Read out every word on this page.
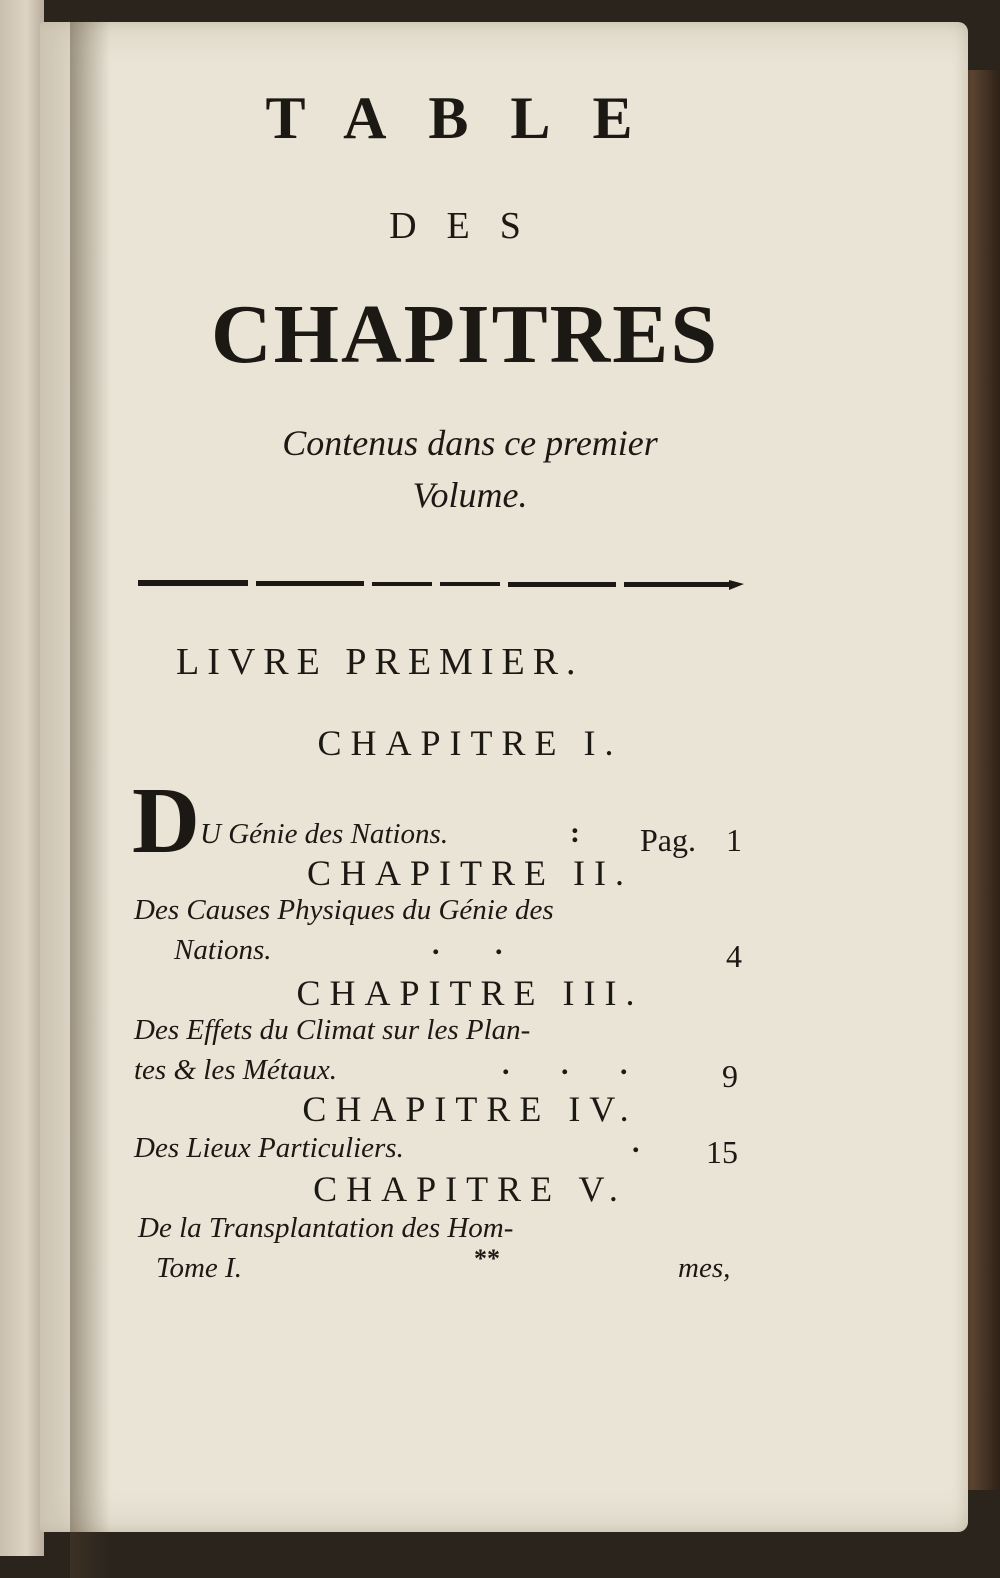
TABLE
DES
CHAPITRES
Contenus dans ce premier
Volume.
LIVRE PREMIER.
CHAPITRE I.
D U Génie des Nations.	: Pag. 1
CHAPITRE II.
Des Causes Physiques du Génie des
Nations.	. .	4
CHAPITRE III.
Des Effets du Climat sur les Plan-
tes & les Métaux.	. . . 9
CHAPITRE IV.
Des Lieux Particuliers.	. 15
CHAPITRE V.
De la Transplantation des Hom-
Tome I.	**	mes,
